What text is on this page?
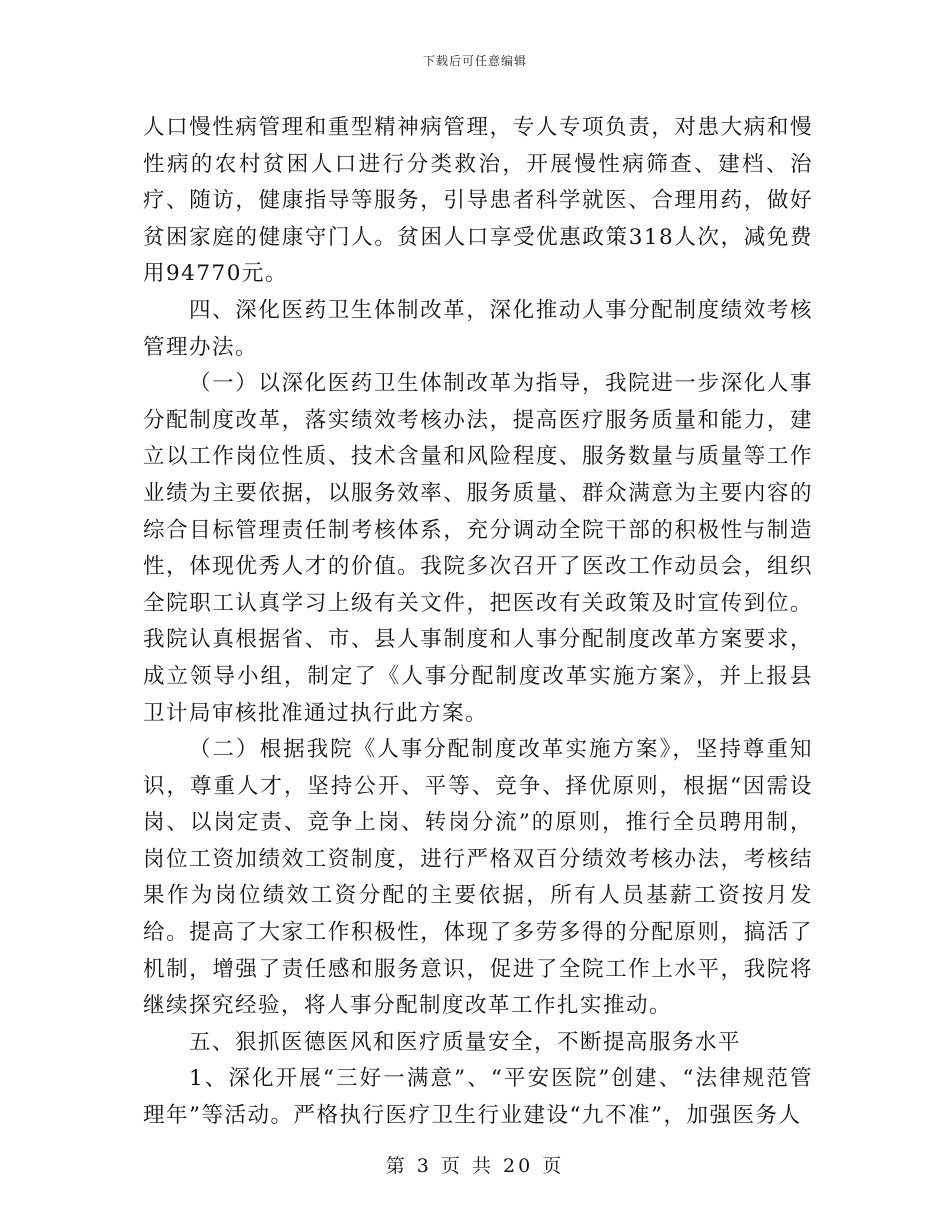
下载后可任意编辑

人口慢性病管理和重型精神病管理，专人专项负责，对患大病和慢性病的农村贫困人口进行分类救治，开展慢性病筛查、建档、治疗、随访，健康指导等服务，引导患者科学就医、合理用药，做好贫困家庭的健康守门人。贫困人口享受优惠政策318人次，减免费用94770元。

四、深化医药卫生体制改革，深化推动人事分配制度绩效考核管理办法。

（一）以深化医药卫生体制改革为指导，我院进一步深化人事分配制度改革，落实绩效考核办法，提高医疗服务质量和能力，建立以工作岗位性质、技术含量和风险程度、服务数量与质量等工作业绩为主要依据，以服务效率、服务质量、群众满意为主要内容的综合目标管理责任制考核体系，充分调动全院干部的积极性与制造性，体现优秀人才的价值。我院多次召开了医改工作动员会，组织全院职工认真学习上级有关文件，把医改有关政策及时宣传到位。我院认真根据省、市、县人事制度和人事分配制度改革方案要求，成立领导小组，制定了《人事分配制度改革实施方案》，并上报县卫计局审核批准通过执行此方案。

（二）根据我院《人事分配制度改革实施方案》，坚持尊重知识，尊重人才，坚持公开、平等、竞争、择优原则，根据“因需设岗、以岗定责、竞争上岗、转岗分流”的原则，推行全员聘用制，岗位工资加绩效工资制度，进行严格双百分绩效考核办法，考核结果作为岗位绩效工资分配的主要依据，所有人员基薪工资按月发给。提高了大家工作积极性，体现了多劳多得的分配原则，搞活了机制，增强了责任感和服务意识，促进了全院工作上水平，我院将继续探究经验，将人事分配制度改革工作扎实推动。

五、狠抓医德医风和医疗质量安全，不断提高服务水平

1、深化开展“三好一满意”、“平安医院”创建、“法律规范管理年”等活动。严格执行医疗卫生行业建设“九不准”，加强医务人

第 3 页 共 20 页
